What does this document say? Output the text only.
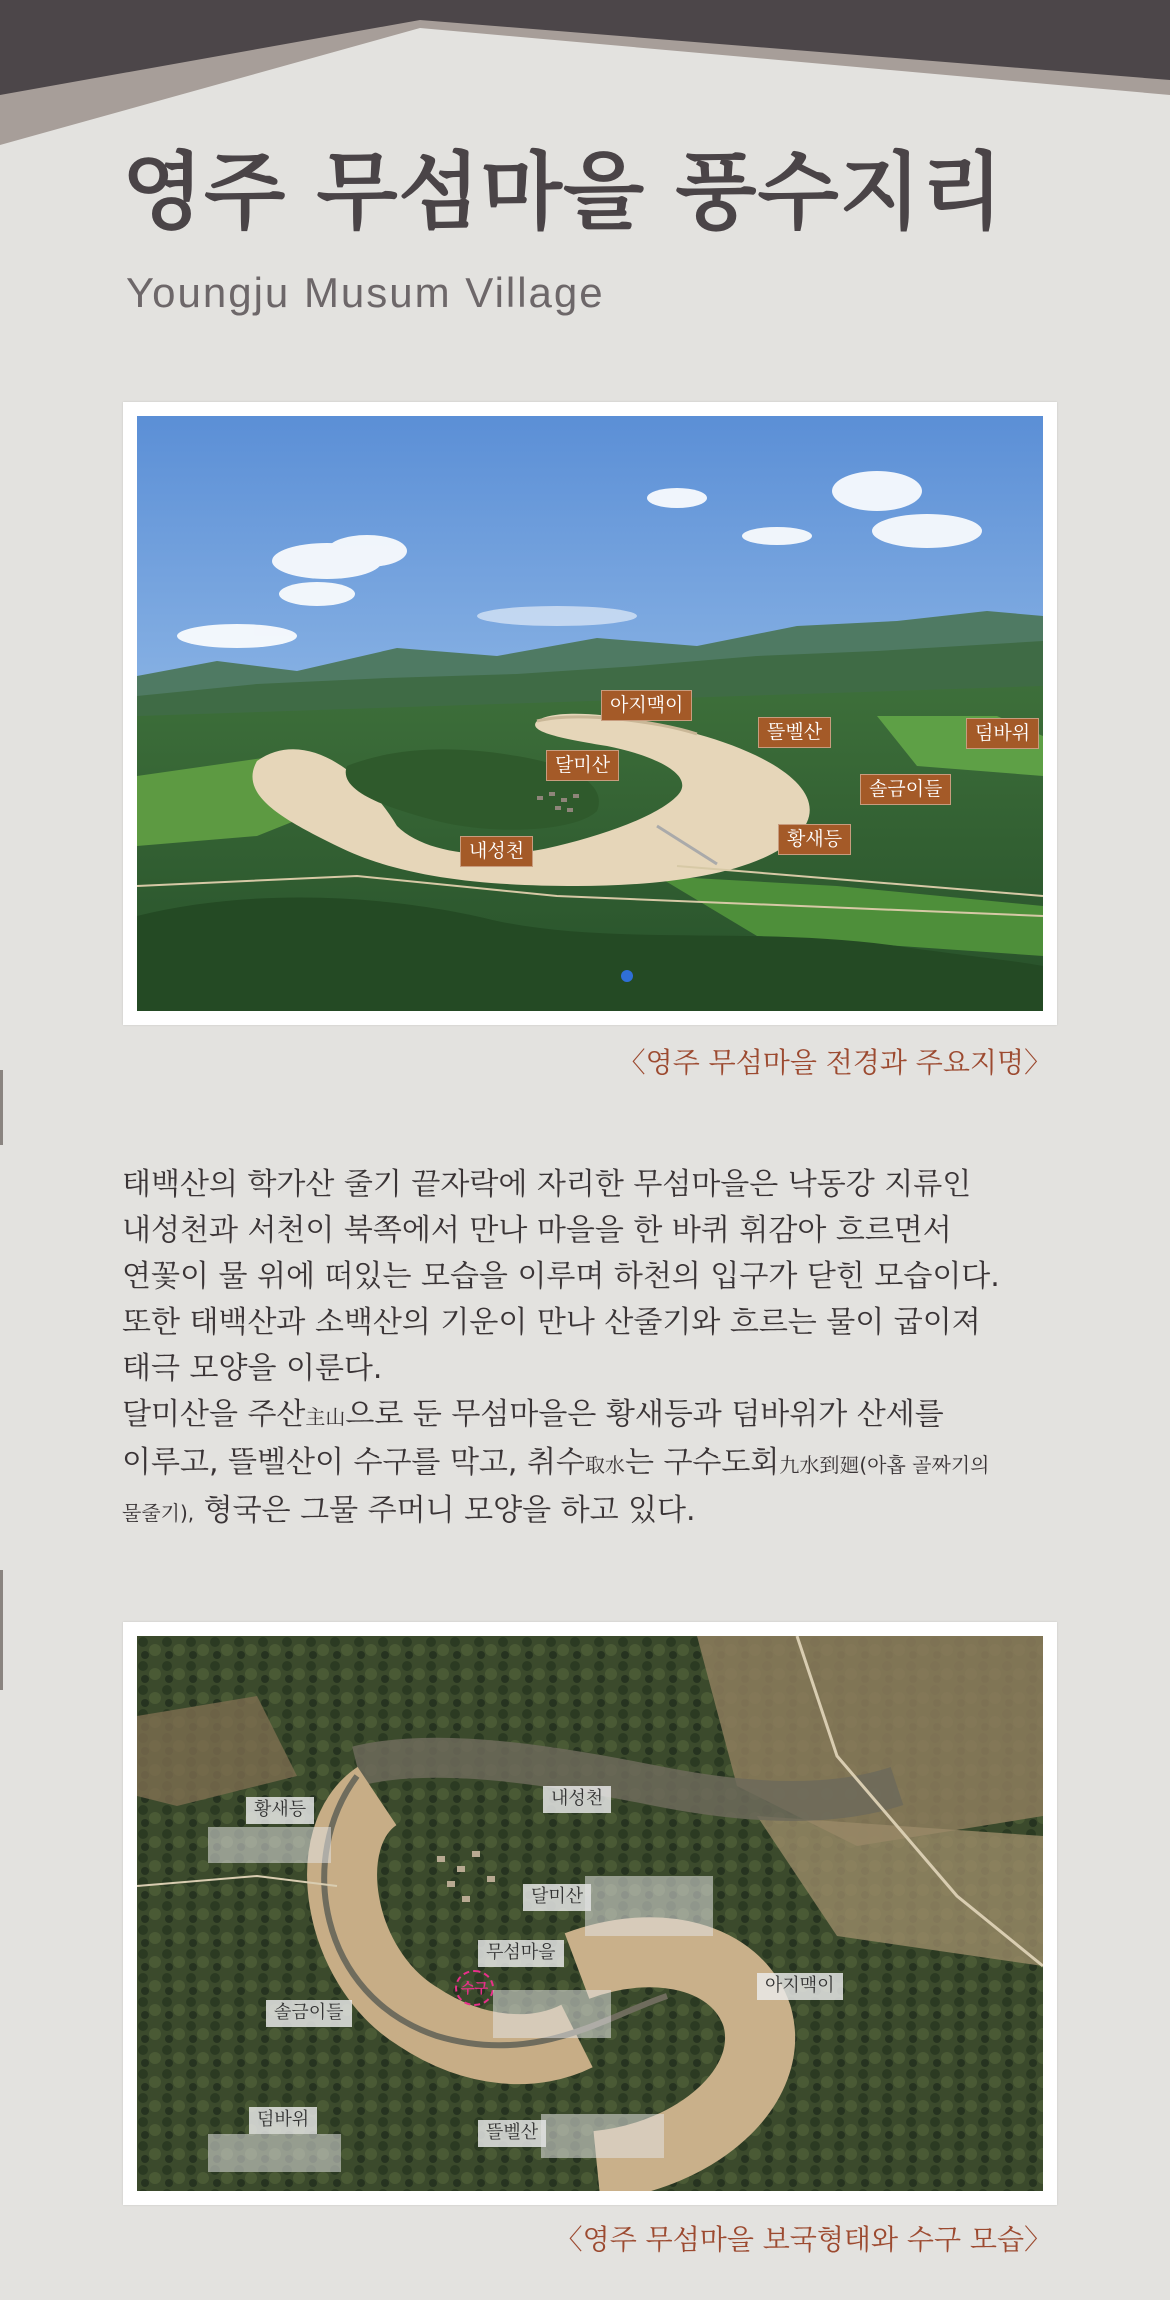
영주 무섬마을 풍수지리
Youngju Musum Village
아지맥이
뜰벨산	덤바위
달미산
솔금이들
황새등
내성천
〈영주 무섬마을 전경과 주요지명〉

태백산의 학가산 줄기 끝자락에 자리한 무섬마을은 낙동강 지류인

내성천과 서천이 북쪽에서 만나 마을을 한 바퀴 휘감아 흐르면서

연꽃이 물 위에 떠있는 모습을 이루며 하천의 입구가 닫힌 모습이다.

또한 태백산과 소백산의 기운이 만나 산줄기와 흐르는 물이 굽이져

태극 모양을 이룬다.

달미산을 주산主山으로 둔 무섬마을은 황새등과 덤바위가 산세를

이루고, 뜰벨산이 수구를 막고, 취수取水는 구수도회九水到廻(아홉 골짜기의

물줄기), 형국은 그물 주머니 모양을 하고 있다.

황새등
내성천
달미산
무섬마을
수구
솔금이들
아지맥이
덤바위
뜰벨산
〈영주 무섬마을 보국형태와 수구 모습〉
